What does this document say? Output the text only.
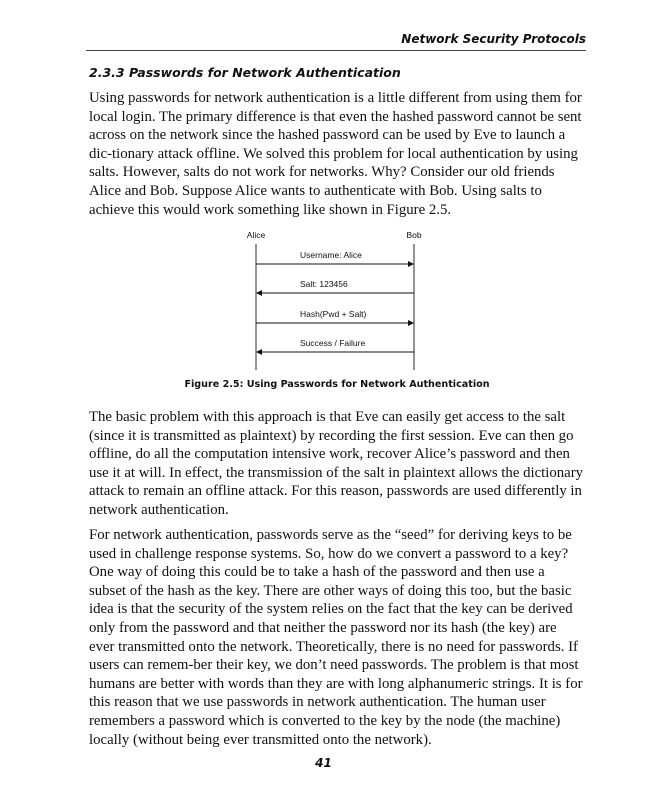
Network Security Protocols
2.3.3 Passwords for Network Authentication

Using passwords for network authentication is a little different from using them for local login. The primary difference is that even the hashed password cannot be sent across on the network since the hashed password can be used by Eve to launch a dic-tionary attack offline. We solved this problem for local authentication by using salts. However, salts do not work for networks. Why? Consider our old friends Alice and Bob. Suppose Alice wants to authenticate with Bob. Using salts to achieve this would work something like shown in Figure 2.5.

Alice	Bob
Username: Alice
Salt: 123456
Hash(Pwd + Salt)
Success / Failure
Figure 2.5: Using Passwords for Network Authentication

The basic problem with this approach is that Eve can easily get access to the salt (since it is transmitted as plaintext) by recording the first session. Eve can then go offline, do all the computation intensive work, recover Alice’s password and then use it at will. In effect, the transmission of the salt in plaintext allows the dictionary attack to remain an offline attack. For this reason, passwords are used differently in network authentication.

For network authentication, passwords serve as the “seed” for deriving keys to be used in challenge response systems. So, how do we convert a password to a key? One way of doing this could be to take a hash of the password and then use a subset of the hash as the key. There are other ways of doing this too, but the basic idea is that the security of the system relies on the fact that the key can be derived only from the password and that neither the password nor its hash (the key) are ever transmitted onto the network. Theoretically, there is no need for passwords. If users can remem-ber their key, we don’t need passwords. The problem is that most humans are better with words than they are with long alphanumeric strings. It is for this reason that we use passwords in network authentication. The human user remembers a password which is converted to the key by the node (the machine) locally (without being ever transmitted onto the network).

41
